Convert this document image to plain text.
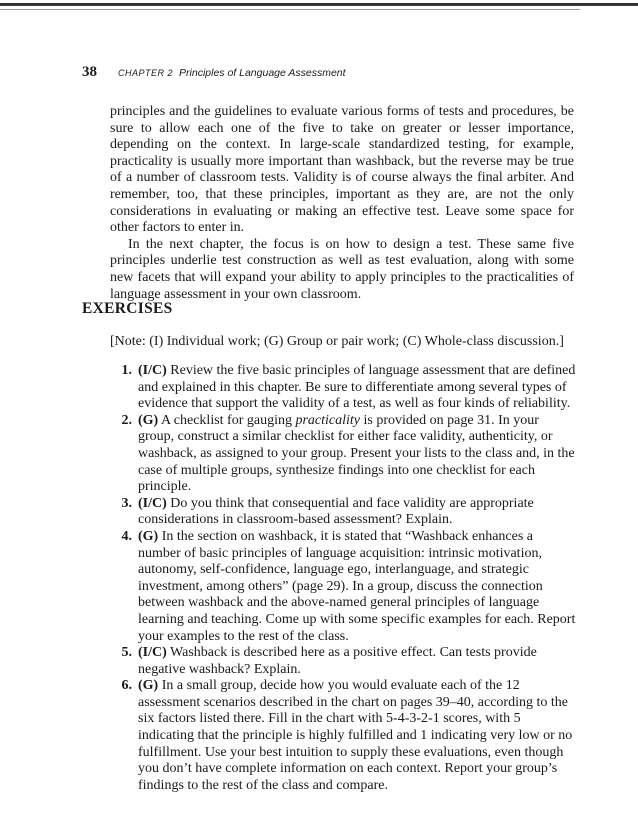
38	CHAPTER 2 Principles of Language Assessment

principles and the guidelines to evaluate various forms of tests and procedures, be sure to allow each one of the five to take on greater or lesser importance, depending on the context. In large-scale standardized testing, for example, practicality is usually more important than washback, but the reverse may be true of a number of classroom tests. Validity is of course always the final arbiter. And remember, too, that these principles, important as they are, are not the only considerations in evaluating or making an effective test. Leave some space for other factors to enter in.

In the next chapter, the focus is on how to design a test. These same five principles underlie test construction as well as test evaluation, along with some new facets that will expand your ability to apply principles to the practicalities of language assessment in your own classroom.

EXERCISES
[Note: (I) Individual work; (G) Group or pair work; (C) Whole-class discussion.]
1. (I/C) Review the five basic principles of language assessment that are defined and explained in this chapter. Be sure to differentiate among several types of evidence that support the validity of a test, as well as four kinds of reliability.
2. (G) A checklist for gauging practicality is provided on page 31. In your group, construct a similar checklist for either face validity, authenticity, or washback, as assigned to your group. Present your lists to the class and, in the case of multiple groups, synthesize findings into one checklist for each principle.
3. (I/C) Do you think that consequential and face validity are appropriate considerations in classroom-based assessment? Explain.
4. (G) In the section on washback, it is stated that “Washback enhances a number of basic principles of language acquisition: intrinsic motivation, autonomy, self-confidence, language ego, interlanguage, and strategic investment, among others” (page 29). In a group, discuss the connection between washback and the above-named general principles of language learning and teaching. Come up with some specific examples for each. Report your examples to the rest of the class.
5. (I/C) Washback is described here as a positive effect. Can tests provide negative washback? Explain.
6. (G) In a small group, decide how you would evaluate each of the 12 assessment scenarios described in the chart on pages 39–40, according to the six factors listed there. Fill in the chart with 5-4-3-2-1 scores, with 5 indicating that the principle is highly fulfilled and 1 indicating very low or no fulfillment. Use your best intuition to supply these evaluations, even though you don’t have complete information on each context. Report your group’s findings to the rest of the class and compare.
